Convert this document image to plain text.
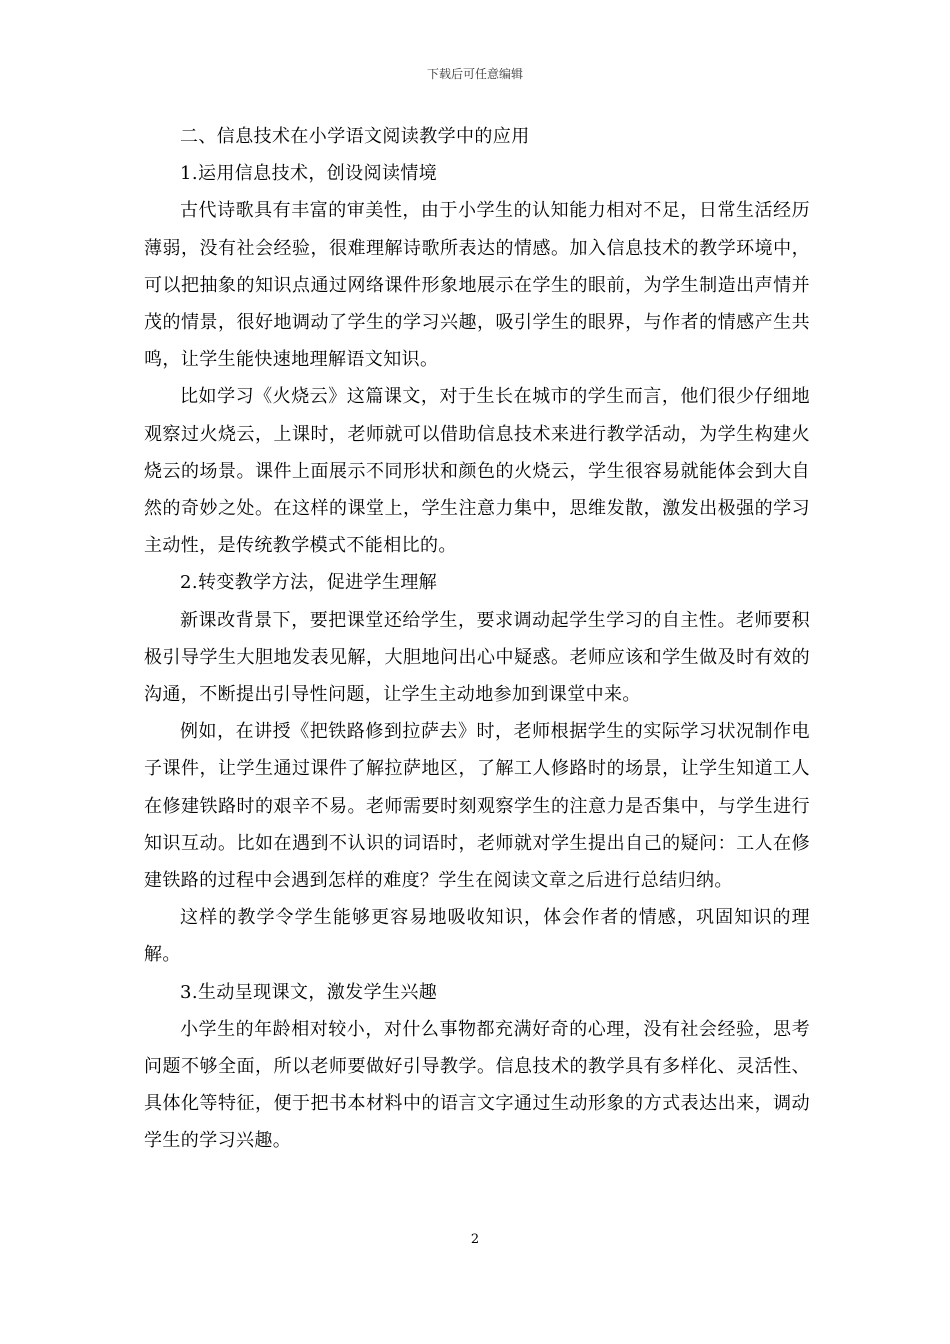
下载后可任意编辑

二、信息技术在小学语文阅读教学中的应用

1.运用信息技术，创设阅读情境

古代诗歌具有丰富的审美性，由于小学生的认知能力相对不足，日常生活经历薄弱，没有社会经验，很难理解诗歌所表达的情感。加入信息技术的教学环境中，可以把抽象的知识点通过网络课件形象地展示在学生的眼前，为学生制造出声情并茂的情景，很好地调动了学生的学习兴趣，吸引学生的眼界，与作者的情感产生共鸣，让学生能快速地理解语文知识。

比如学习《火烧云》这篇课文，对于生长在城市的学生而言，他们很少仔细地观察过火烧云，上课时，老师就可以借助信息技术来进行教学活动，为学生构建火烧云的场景。课件上面展示不同形状和颜色的火烧云，学生很容易就能体会到大自然的奇妙之处。在这样的课堂上，学生注意力集中，思维发散，激发出极强的学习主动性，是传统教学模式不能相比的。

2.转变教学方法，促进学生理解

新课改背景下，要把课堂还给学生，要求调动起学生学习的自主性。老师要积极引导学生大胆地发表见解，大胆地问出心中疑惑。老师应该和学生做及时有效的沟通，不断提出引导性问题，让学生主动地参加到课堂中来。

例如，在讲授《把铁路修到拉萨去》时，老师根据学生的实际学习状况制作电子课件，让学生通过课件了解拉萨地区，了解工人修路时的场景，让学生知道工人在修建铁路时的艰辛不易。老师需要时刻观察学生的注意力是否集中，与学生进行知识互动。比如在遇到不认识的词语时，老师就对学生提出自己的疑问：工人在修建铁路的过程中会遇到怎样的难度？学生在阅读文章之后进行总结归纳。

这样的教学令学生能够更容易地吸收知识，体会作者的情感，巩固知识的理解。

3.生动呈现课文，激发学生兴趣

小学生的年龄相对较小，对什么事物都充满好奇的心理，没有社会经验，思考问题不够全面，所以老师要做好引导教学。信息技术的教学具有多样化、灵活性、具体化等特征，便于把书本材料中的语言文字通过生动形象的方式表达出来，调动学生的学习兴趣。

2
